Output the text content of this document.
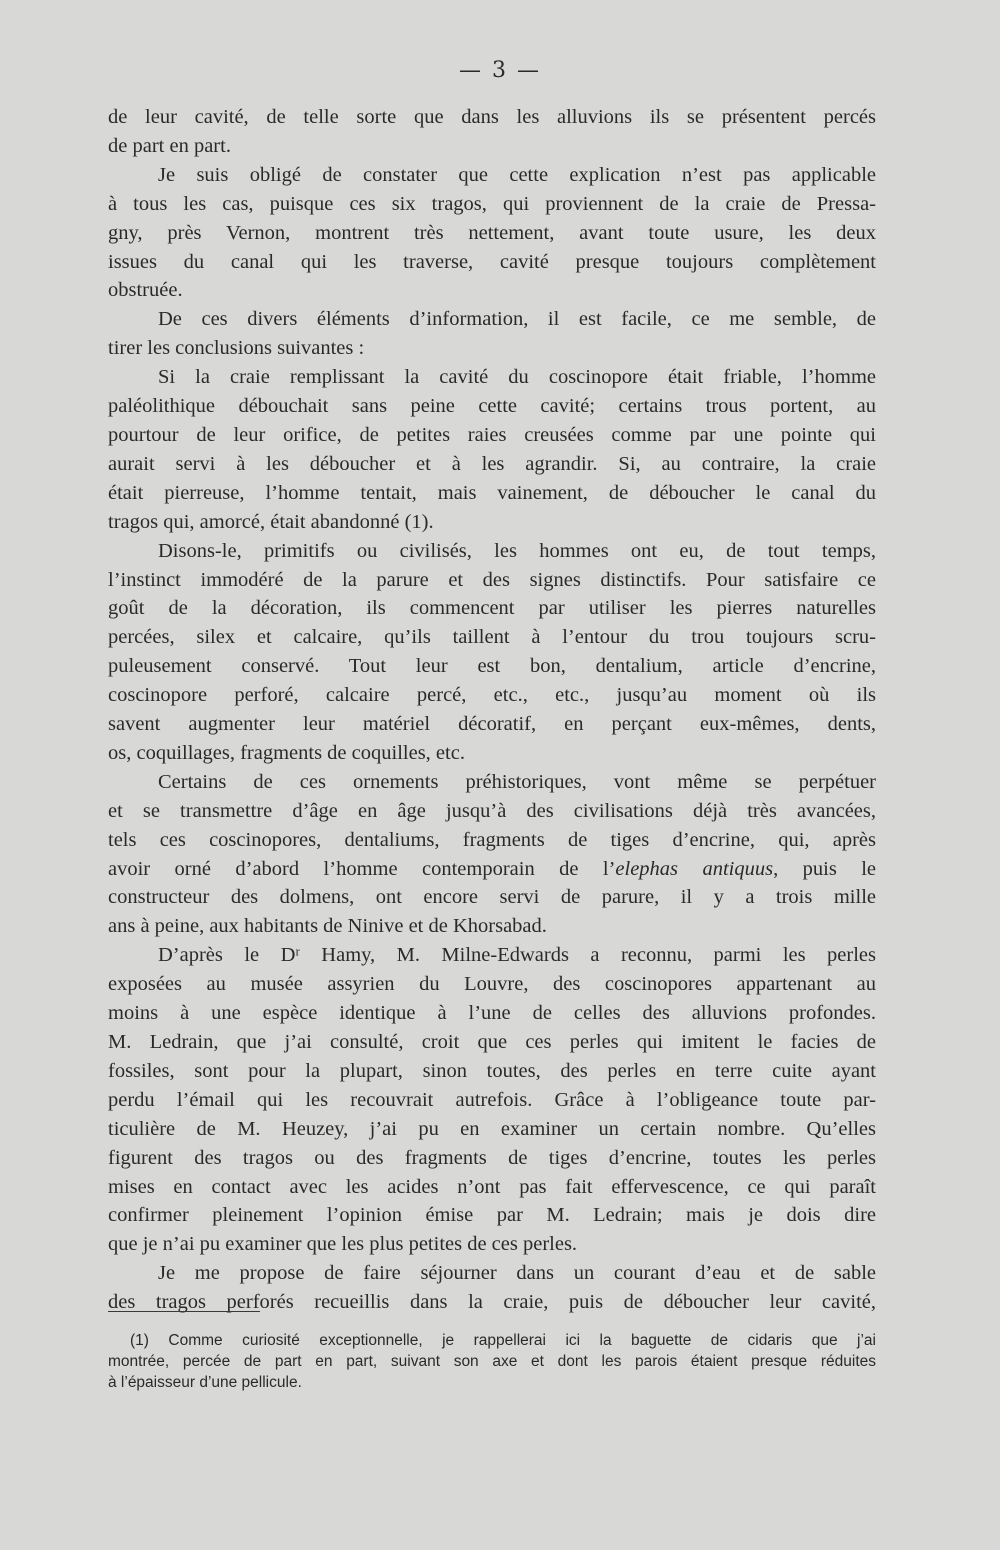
— 3 —
de leur cavité, de telle sorte que dans les alluvions ils se présentent percés
de part en part.
Je suis obligé de constater que cette explication n’est pas applicable
à tous les cas, puisque ces six tragos, qui proviennent de la craie de Pressa-
gny, près Vernon, montrent très nettement, avant toute usure, les deux
issues du canal qui les traverse, cavité presque toujours complètement
obstruée.
De ces divers éléments d’information, il est facile, ce me semble, de
tirer les conclusions suivantes :
Si la craie remplissant la cavité du coscinopore était friable, l’homme
paléolithique débouchait sans peine cette cavité; certains trous portent, au
pourtour de leur orifice, de petites raies creusées comme par une pointe qui
aurait servi à les déboucher et à les agrandir. Si, au contraire, la craie
était pierreuse, l’homme tentait, mais vainement, de déboucher le canal du
tragos qui, amorcé, était abandonné (1).
Disons-le, primitifs ou civilisés, les hommes ont eu, de tout temps,
l’instinct immodéré de la parure et des signes distinctifs. Pour satisfaire ce
goût de la décoration, ils commencent par utiliser les pierres naturelles
percées, silex et calcaire, qu’ils taillent à l’entour du trou toujours scru-
puleusement conservé. Tout leur est bon, dentalium, article d’encrine,
coscinopore perforé, calcaire percé, etc., etc., jusqu’au moment où ils
savent augmenter leur matériel décoratif, en perçant eux-mêmes, dents,
os, coquillages, fragments de coquilles, etc.
Certains de ces ornements préhistoriques, vont même se perpétuer
et se transmettre d’âge en âge jusqu’à des civilisations déjà très avancées,
tels ces coscinopores, dentaliums, fragments de tiges d’encrine, qui, après
avoir orné d’abord l’homme contemporain de l’elephas antiquus, puis le
constructeur des dolmens, ont encore servi de parure, il y a trois mille
ans à peine, aux habitants de Ninive et de Khorsabad.
D’après le Dʳ Hamy, M. Milne-Edwards a reconnu, parmi les perles
exposées au musée assyrien du Louvre, des coscinopores appartenant au
moins à une espèce identique à l’une de celles des alluvions profondes.
M. Ledrain, que j’ai consulté, croit que ces perles qui imitent le facies de
fossiles, sont pour la plupart, sinon toutes, des perles en terre cuite ayant
perdu l’émail qui les recouvrait autrefois. Grâce à l’obligeance toute par-
ticulière de M. Heuzey, j’ai pu en examiner un certain nombre. Qu’elles
figurent des tragos ou des fragments de tiges d’encrine, toutes les perles
mises en contact avec les acides n’ont pas fait effervescence, ce qui paraît
confirmer pleinement l’opinion émise par M. Ledrain; mais je dois dire
que je n’ai pu examiner que les plus petites de ces perles.
Je me propose de faire séjourner dans un courant d’eau et de sable
des tragos perforés recueillis dans la craie, puis de déboucher leur cavité,
(1) Comme curiosité exceptionnelle, je rappellerai ici la baguette de cidaris que j’ai
montrée, percée de part en part, suivant son axe et dont les parois étaient presque réduites
à l’épaisseur d’une pellicule.
